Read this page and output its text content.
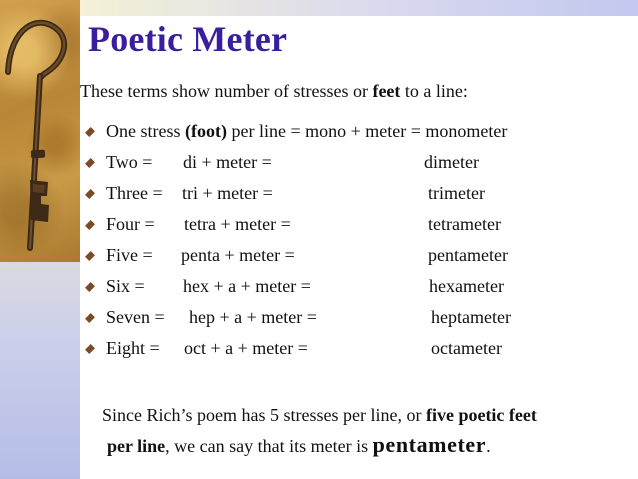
Poetic Meter
These terms show number of stresses or feet to a line:
One stress (foot) per line = mono + meter = monometer
Two = di + meter =	dimeter
Three = tri + meter =	trimeter
Four = tetra + meter =	tetrameter
Five = penta + meter =	pentameter
Six = hex + a + meter =	hexameter
Seven = hep + a + meter =	heptameter
Eight = oct + a + meter =	octameter
Since Rich’s poem has 5 stresses per line, or five poetic feet
per line, we can say that its meter is pentameter.
